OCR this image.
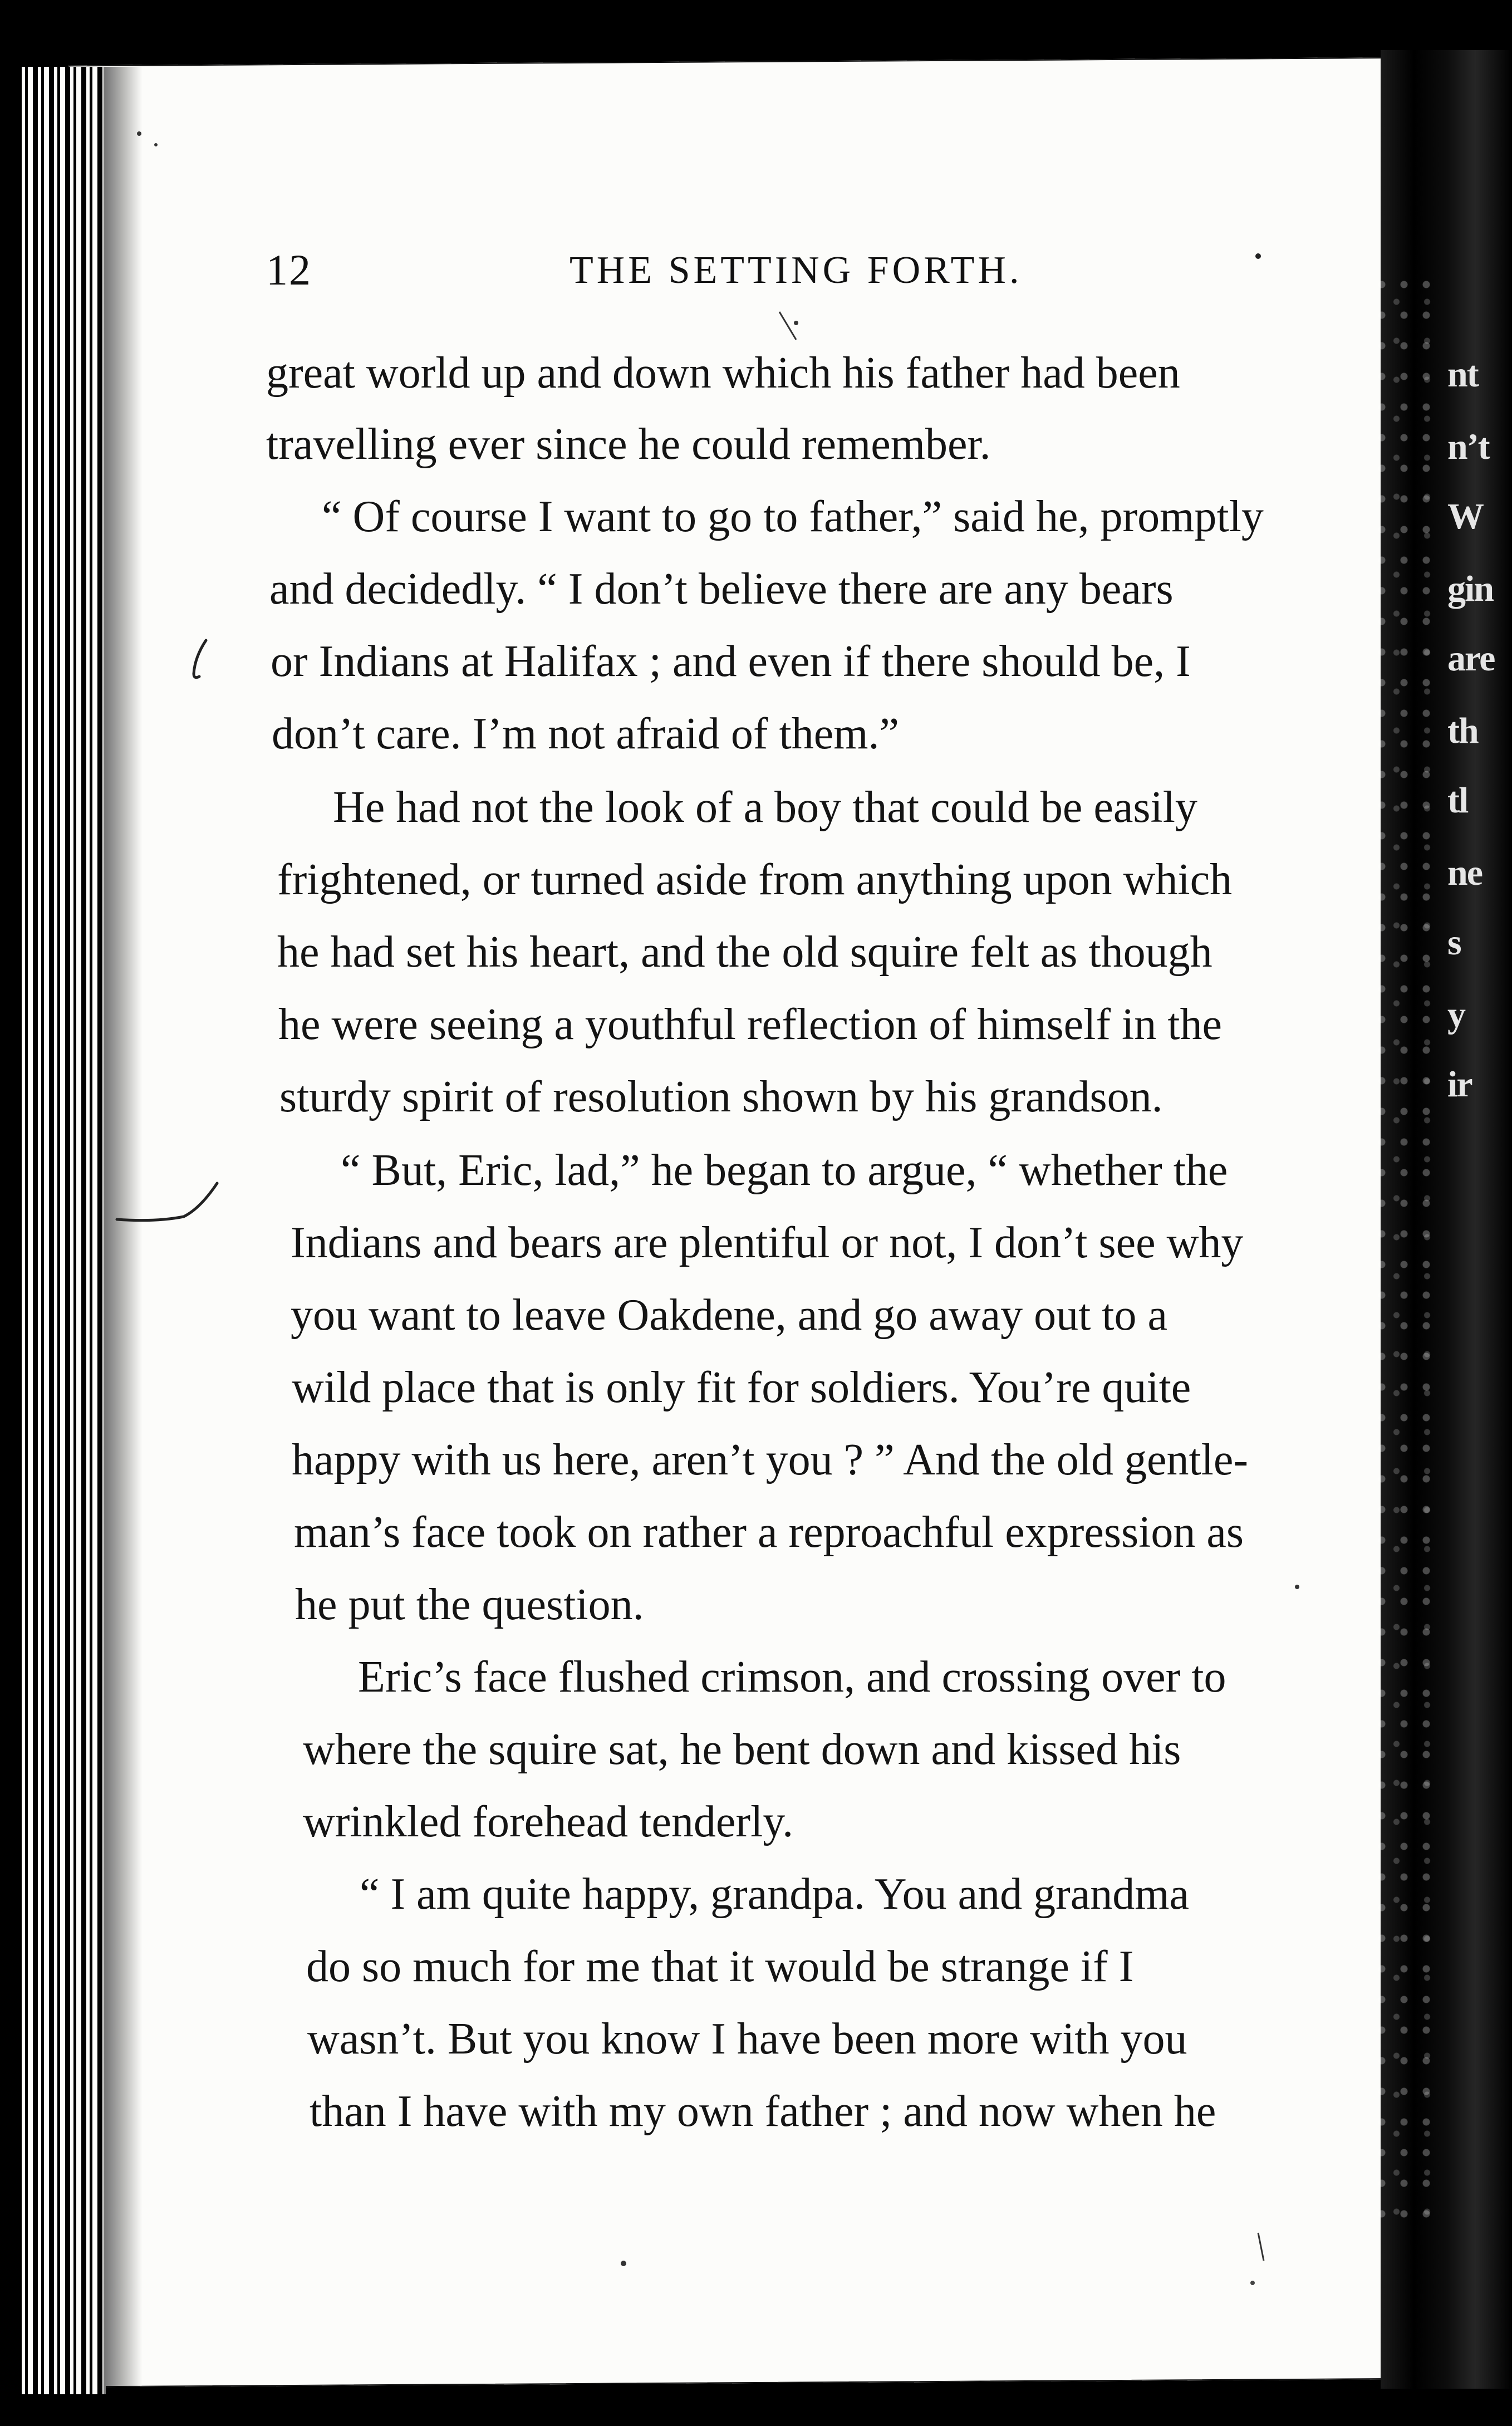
nt
n’t
W
gin
are
th
tl
ne
s
y
ir
12	THE SETTING FORTH.
great world up and down which his father had been
travelling ever since he could remember.
“ Of course I want to go to father,” said he, promptly
and decidedly. “ I don’t believe there are any bears
or Indians at Halifax ; and even if there should be, I
don’t care. I’m not afraid of them.”
He had not the look of a boy that could be easily
frightened, or turned aside from anything upon which
he had set his heart, and the old squire felt as though
he were seeing a youthful reflection of himself in the
sturdy spirit of resolution shown by his grandson.
“ But, Eric, lad,” he began to argue, “ whether the
Indians and bears are plentiful or not, I don’t see why
you want to leave Oakdene, and go away out to a
wild place that is only fit for soldiers. You’re quite
happy with us here, aren’t you ? ” And the old gentle-
man’s face took on rather a reproachful expression as
he put the question.
Eric’s face flushed crimson, and crossing over to
where the squire sat, he bent down and kissed his
wrinkled forehead tenderly.
“ I am quite happy, grandpa. You and grandma
do so much for me that it would be strange if I
wasn’t. But you know I have been more with you
than I have with my own father ; and now when he
